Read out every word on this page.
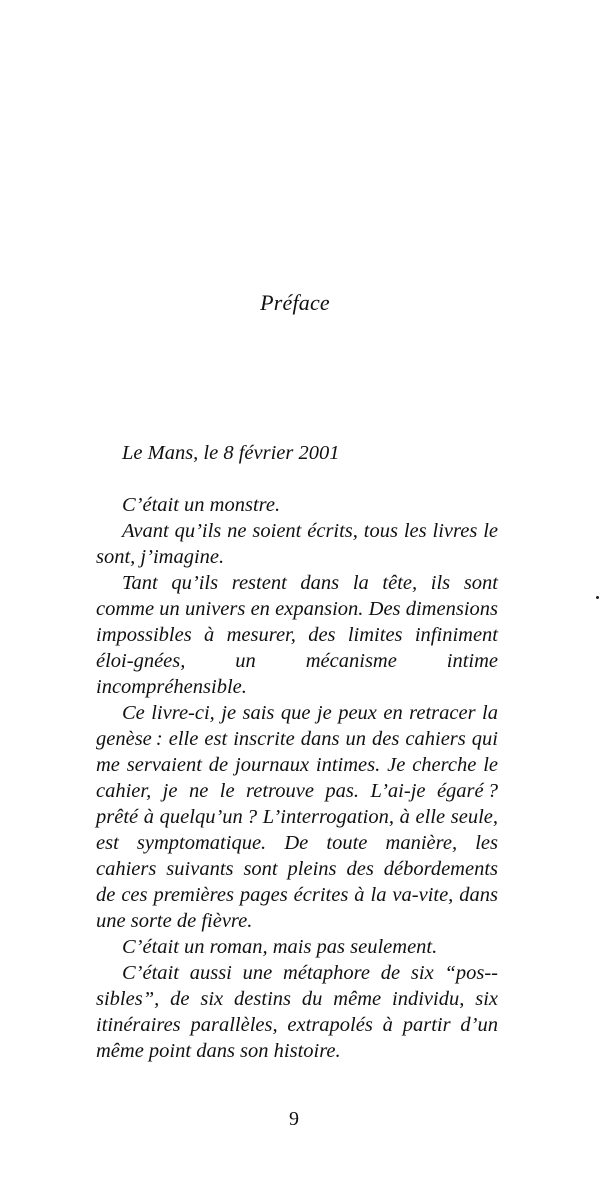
Préface
Le Mans, le 8 février 2001

C’était un monstre.

Avant qu’ils ne soient écrits, tous les livres le sont, j’imagine.

Tant qu’ils restent dans la tête, ils sont comme un univers en expansion. Des dimensions impossibles à mesurer, des limites infiniment éloi-gnées, un mécanisme intime incompréhensible.

Ce livre-ci, je sais que je peux en retracer la genèse : elle est inscrite dans un des cahiers qui me servaient de journaux intimes. Je cherche le cahier, je ne le retrouve pas. L’ai-je égaré ? prêté à quelqu’un ? L’interrogation, à elle seule, est symptomatique. De toute manière, les cahiers suivants sont pleins des débordements de ces premières pages écrites à la va-vite, dans une sorte de fièvre.

C’était un roman, mais pas seulement.

C’était aussi une métaphore de six “pos-sibles”, de six destins du même individu, six itinéraires parallèles, extrapolés à partir d’un même point dans son histoire.

9
